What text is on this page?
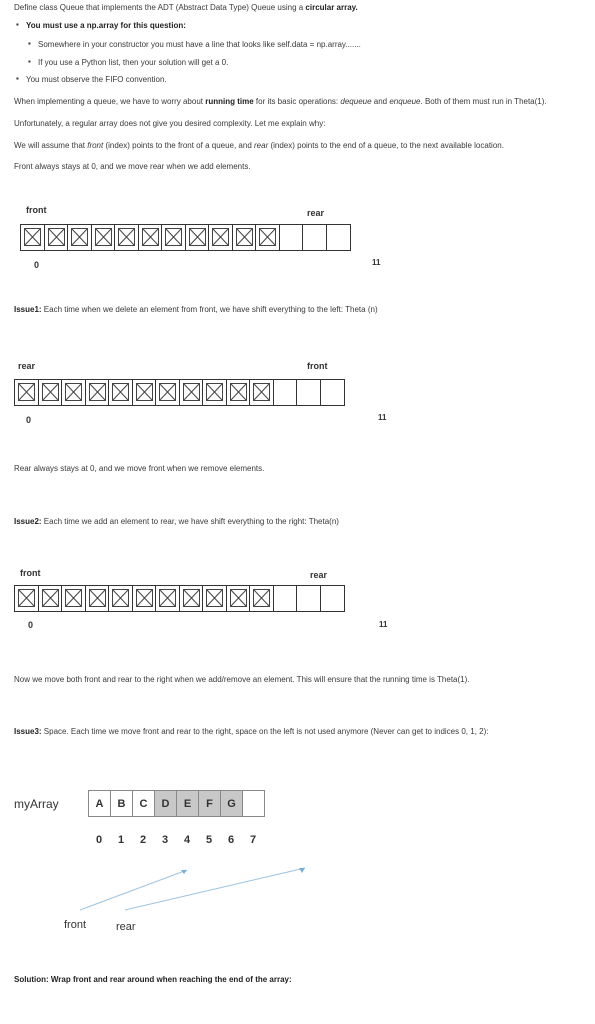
Define class Queue that implements the ADT (Abstract Data Type) Queue using a circular array.
▪ You must use a np.array for this question:
▪ Somewhere in your constructor you must have a line that looks like self.data = np.array.......
▪ If you use a Python list, then your solution will get a 0.
▪ You must observe the FIFO convention.
When implementing a queue, we have to worry about running time for its basic operations: dequeue and enqueue. Both of them must run in Theta(1).
Unfortunately, a regular array does not give you desired complexity. Let me explain why:
We will assume that front (index) points to the front of a queue, and rear (index) points to the end of a queue, to the next available location.
Front always stays at 0, and we move rear when we add elements.
front	rear
0	11
Issue1: Each time when we delete an element from front, we have shift everything to the left: Theta (n)
rear	front
0	11
Rear always stays at 0, and we move front when we remove elements.
Issue2: Each time we add an element to rear, we have shift everything to the right: Theta(n)
front	rear
0	11
Now we move both front and rear to the right when we add/remove an element. This will ensure that the running time is Theta(1).
Issue3: Space. Each time we move front and rear to the right, space on the left is not used anymore (Never can get to indices 0, 1, 2):
myArray	A	B	C	D	E	F	G
0	1	2	3	4	5	6	7
front	rear
Solution: Wrap front and rear around when reaching the end of the array:
